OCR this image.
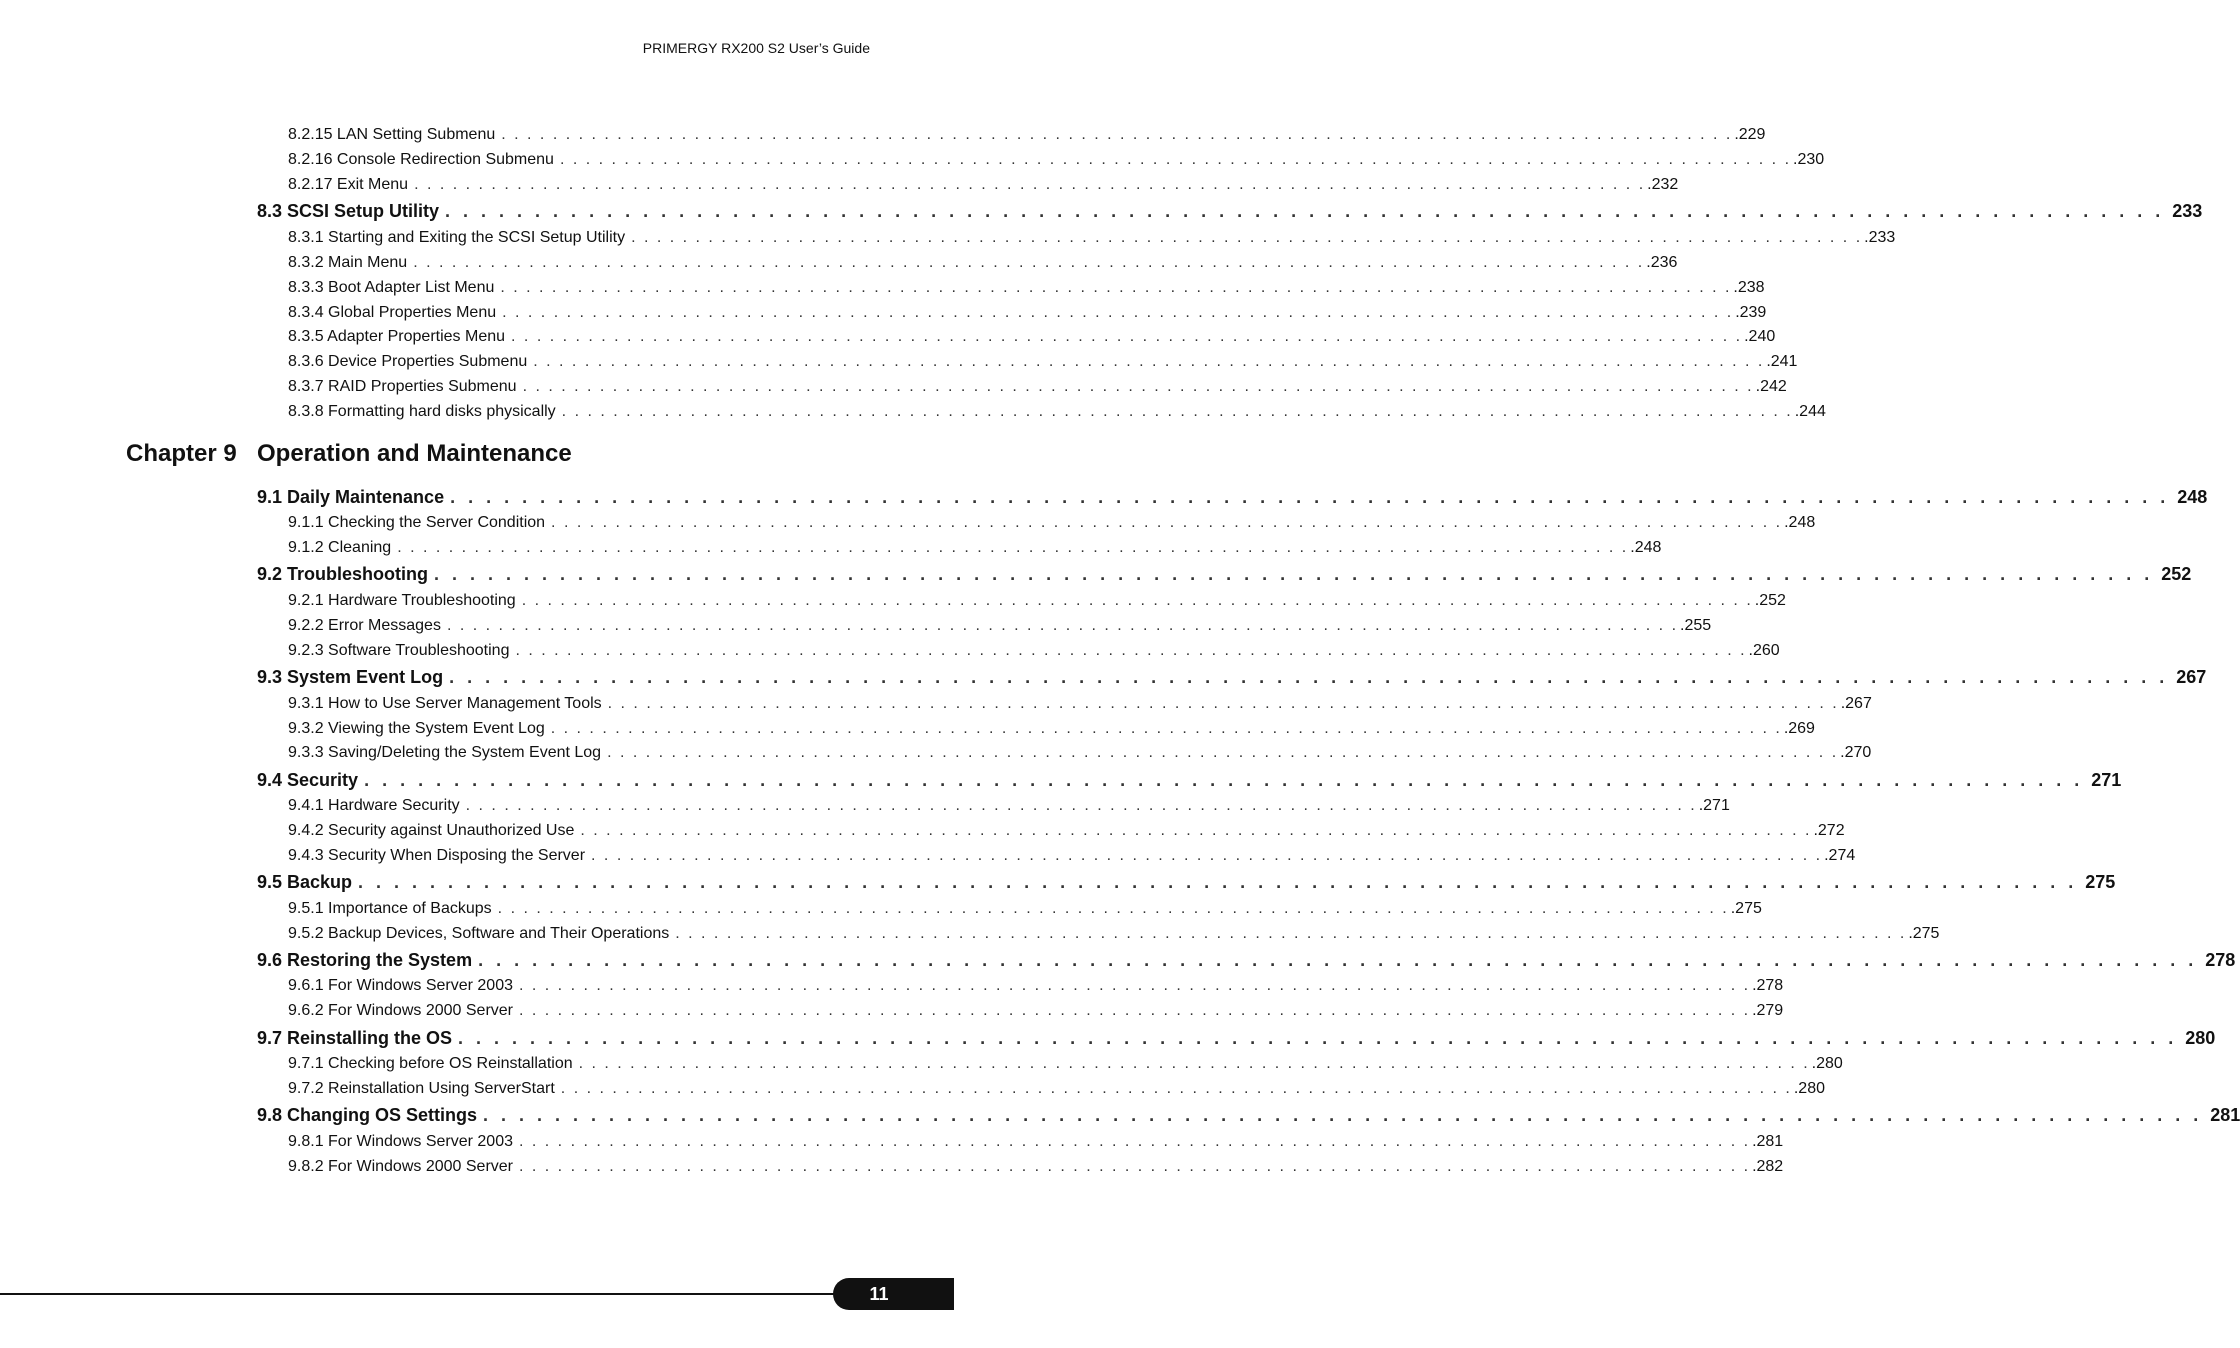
PRIMERGY RX200 S2 User’s Guide
8.2.15 LAN Setting Submenu . . . . . . . . . . . . . . . . . . . . . . . . . . . . . . . . . . . . . . . . . . . . . . . . . . . . . . . . . . . . . . . . . . . . . . . . . . . . . . . . . . . . . . . . . . . . . . . . .229
8.2.16 Console Redirection Submenu . . . . . . . . . . . . . . . . . . . . . . . . . . . . . . . . . . . . . . . . . . . . . . . . . . . . . . . . . . . . . . . . . . . . . . . . . . . . . . . . . . . . . . . . . . . . . . . . .230
8.2.17 Exit Menu . . . . . . . . . . . . . . . . . . . . . . . . . . . . . . . . . . . . . . . . . . . . . . . . . . . . . . . . . . . . . . . . . . . . . . . . . . . . . . . . . . . . . . . . . . . . . . . . .232
8.3 SCSI Setup Utility . . . . . . . . . . . . . . . . . . . . . . . . . . . . . . . . . . . . . . . . . . . . . . . . . . . . . . . . . . . . . . . . . . . . . . . . . . . . . . . . . . . . . . . . . . . . . . . . 233
8.3.1 Starting and Exiting the SCSI Setup Utility . . . . . . . . . . . . . . . . . . . . . . . . . . . . . . . . . . . . . . . . . . . . . . . . . . . . . . . . . . . . . . . . . . . . . . . . . . . . . . . . . . . . . . . . . . . . . . . . .233
8.3.2 Main Menu . . . . . . . . . . . . . . . . . . . . . . . . . . . . . . . . . . . . . . . . . . . . . . . . . . . . . . . . . . . . . . . . . . . . . . . . . . . . . . . . . . . . . . . . . . . . . . . . .236
8.3.3 Boot Adapter List Menu . . . . . . . . . . . . . . . . . . . . . . . . . . . . . . . . . . . . . . . . . . . . . . . . . . . . . . . . . . . . . . . . . . . . . . . . . . . . . . . . . . . . . . . . . . . . . . . . .238
8.3.4 Global Properties Menu . . . . . . . . . . . . . . . . . . . . . . . . . . . . . . . . . . . . . . . . . . . . . . . . . . . . . . . . . . . . . . . . . . . . . . . . . . . . . . . . . . . . . . . . . . . . . . . . .239
8.3.5 Adapter Properties Menu . . . . . . . . . . . . . . . . . . . . . . . . . . . . . . . . . . . . . . . . . . . . . . . . . . . . . . . . . . . . . . . . . . . . . . . . . . . . . . . . . . . . . . . . . . . . . . . . .240
8.3.6 Device Properties Submenu . . . . . . . . . . . . . . . . . . . . . . . . . . . . . . . . . . . . . . . . . . . . . . . . . . . . . . . . . . . . . . . . . . . . . . . . . . . . . . . . . . . . . . . . . . . . . . . . .241
8.3.7 RAID Properties Submenu . . . . . . . . . . . . . . . . . . . . . . . . . . . . . . . . . . . . . . . . . . . . . . . . . . . . . . . . . . . . . . . . . . . . . . . . . . . . . . . . . . . . . . . . . . . . . . . . .242
8.3.8 Formatting hard disks physically . . . . . . . . . . . . . . . . . . . . . . . . . . . . . . . . . . . . . . . . . . . . . . . . . . . . . . . . . . . . . . . . . . . . . . . . . . . . . . . . . . . . . . . . . . . . . . . . .244
9.1 Daily Maintenance . . . . . . . . . . . . . . . . . . . . . . . . . . . . . . . . . . . . . . . . . . . . . . . . . . . . . . . . . . . . . . . . . . . . . . . . . . . . . . . . . . . . . . . . . . . . . . . . 248
9.1.1 Checking the Server Condition . . . . . . . . . . . . . . . . . . . . . . . . . . . . . . . . . . . . . . . . . . . . . . . . . . . . . . . . . . . . . . . . . . . . . . . . . . . . . . . . . . . . . . . . . . . . . . . . .248
9.1.2 Cleaning . . . . . . . . . . . . . . . . . . . . . . . . . . . . . . . . . . . . . . . . . . . . . . . . . . . . . . . . . . . . . . . . . . . . . . . . . . . . . . . . . . . . . . . . . . . . . . . . .248
9.2 Troubleshooting . . . . . . . . . . . . . . . . . . . . . . . . . . . . . . . . . . . . . . . . . . . . . . . . . . . . . . . . . . . . . . . . . . . . . . . . . . . . . . . . . . . . . . . . . . . . . . . . 252
9.2.1 Hardware Troubleshooting . . . . . . . . . . . . . . . . . . . . . . . . . . . . . . . . . . . . . . . . . . . . . . . . . . . . . . . . . . . . . . . . . . . . . . . . . . . . . . . . . . . . . . . . . . . . . . . . .252
9.2.2 Error Messages . . . . . . . . . . . . . . . . . . . . . . . . . . . . . . . . . . . . . . . . . . . . . . . . . . . . . . . . . . . . . . . . . . . . . . . . . . . . . . . . . . . . . . . . . . . . . . . . .255
9.2.3 Software Troubleshooting . . . . . . . . . . . . . . . . . . . . . . . . . . . . . . . . . . . . . . . . . . . . . . . . . . . . . . . . . . . . . . . . . . . . . . . . . . . . . . . . . . . . . . . . . . . . . . . . .260
9.3 System Event Log . . . . . . . . . . . . . . . . . . . . . . . . . . . . . . . . . . . . . . . . . . . . . . . . . . . . . . . . . . . . . . . . . . . . . . . . . . . . . . . . . . . . . . . . . . . . . . . . 267
9.3.1 How to Use Server Management Tools . . . . . . . . . . . . . . . . . . . . . . . . . . . . . . . . . . . . . . . . . . . . . . . . . . . . . . . . . . . . . . . . . . . . . . . . . . . . . . . . . . . . . . . . . . . . . . . . .267
9.3.2 Viewing the System Event Log . . . . . . . . . . . . . . . . . . . . . . . . . . . . . . . . . . . . . . . . . . . . . . . . . . . . . . . . . . . . . . . . . . . . . . . . . . . . . . . . . . . . . . . . . . . . . . . . .269
9.3.3 Saving/Deleting the System Event Log . . . . . . . . . . . . . . . . . . . . . . . . . . . . . . . . . . . . . . . . . . . . . . . . . . . . . . . . . . . . . . . . . . . . . . . . . . . . . . . . . . . . . . . . . . . . . . . . .270
9.4 Security . . . . . . . . . . . . . . . . . . . . . . . . . . . . . . . . . . . . . . . . . . . . . . . . . . . . . . . . . . . . . . . . . . . . . . . . . . . . . . . . . . . . . . . . . . . . . . . . 271
9.4.1 Hardware Security . . . . . . . . . . . . . . . . . . . . . . . . . . . . . . . . . . . . . . . . . . . . . . . . . . . . . . . . . . . . . . . . . . . . . . . . . . . . . . . . . . . . . . . . . . . . . . . . .271
9.4.2 Security against Unauthorized Use . . . . . . . . . . . . . . . . . . . . . . . . . . . . . . . . . . . . . . . . . . . . . . . . . . . . . . . . . . . . . . . . . . . . . . . . . . . . . . . . . . . . . . . . . . . . . . . . .272
9.4.3 Security When Disposing the Server . . . . . . . . . . . . . . . . . . . . . . . . . . . . . . . . . . . . . . . . . . . . . . . . . . . . . . . . . . . . . . . . . . . . . . . . . . . . . . . . . . . . . . . . . . . . . . . . .274
9.5 Backup . . . . . . . . . . . . . . . . . . . . . . . . . . . . . . . . . . . . . . . . . . . . . . . . . . . . . . . . . . . . . . . . . . . . . . . . . . . . . . . . . . . . . . . . . . . . . . . . 275
9.5.1 Importance of Backups . . . . . . . . . . . . . . . . . . . . . . . . . . . . . . . . . . . . . . . . . . . . . . . . . . . . . . . . . . . . . . . . . . . . . . . . . . . . . . . . . . . . . . . . . . . . . . . . .275
9.5.2 Backup Devices, Software and Their Operations . . . . . . . . . . . . . . . . . . . . . . . . . . . . . . . . . . . . . . . . . . . . . . . . . . . . . . . . . . . . . . . . . . . . . . . . . . . . . . . . . . . . . . . . . . . . . . . . .275
9.6 Restoring the System . . . . . . . . . . . . . . . . . . . . . . . . . . . . . . . . . . . . . . . . . . . . . . . . . . . . . . . . . . . . . . . . . . . . . . . . . . . . . . . . . . . . . . . . . . . . . . . . 278
9.6.1 For Windows Server 2003 . . . . . . . . . . . . . . . . . . . . . . . . . . . . . . . . . . . . . . . . . . . . . . . . . . . . . . . . . . . . . . . . . . . . . . . . . . . . . . . . . . . . . . . . . . . . . . . . .278
9.6.2 For Windows 2000 Server . . . . . . . . . . . . . . . . . . . . . . . . . . . . . . . . . . . . . . . . . . . . . . . . . . . . . . . . . . . . . . . . . . . . . . . . . . . . . . . . . . . . . . . . . . . . . . . . .279
9.7 Reinstalling the OS . . . . . . . . . . . . . . . . . . . . . . . . . . . . . . . . . . . . . . . . . . . . . . . . . . . . . . . . . . . . . . . . . . . . . . . . . . . . . . . . . . . . . . . . . . . . . . . . 280
9.7.1 Checking before OS Reinstallation . . . . . . . . . . . . . . . . . . . . . . . . . . . . . . . . . . . . . . . . . . . . . . . . . . . . . . . . . . . . . . . . . . . . . . . . . . . . . . . . . . . . . . . . . . . . . . . . .280
9.7.2 Reinstallation Using ServerStart . . . . . . . . . . . . . . . . . . . . . . . . . . . . . . . . . . . . . . . . . . . . . . . . . . . . . . . . . . . . . . . . . . . . . . . . . . . . . . . . . . . . . . . . . . . . . . . . .280
9.8 Changing OS Settings . . . . . . . . . . . . . . . . . . . . . . . . . . . . . . . . . . . . . . . . . . . . . . . . . . . . . . . . . . . . . . . . . . . . . . . . . . . . . . . . . . . . . . . . . . . . . . . . 281
9.8.1 For Windows Server 2003 . . . . . . . . . . . . . . . . . . . . . . . . . . . . . . . . . . . . . . . . . . . . . . . . . . . . . . . . . . . . . . . . . . . . . . . . . . . . . . . . . . . . . . . . . . . . . . . . .281
9.8.2 For Windows 2000 Server . . . . . . . . . . . . . . . . . . . . . . . . . . . . . . . . . . . . . . . . . . . . . . . . . . . . . . . . . . . . . . . . . . . . . . . . . . . . . . . . . . . . . . . . . . . . . . . . .282
Chapter 9 Operation and Maintenance
11
